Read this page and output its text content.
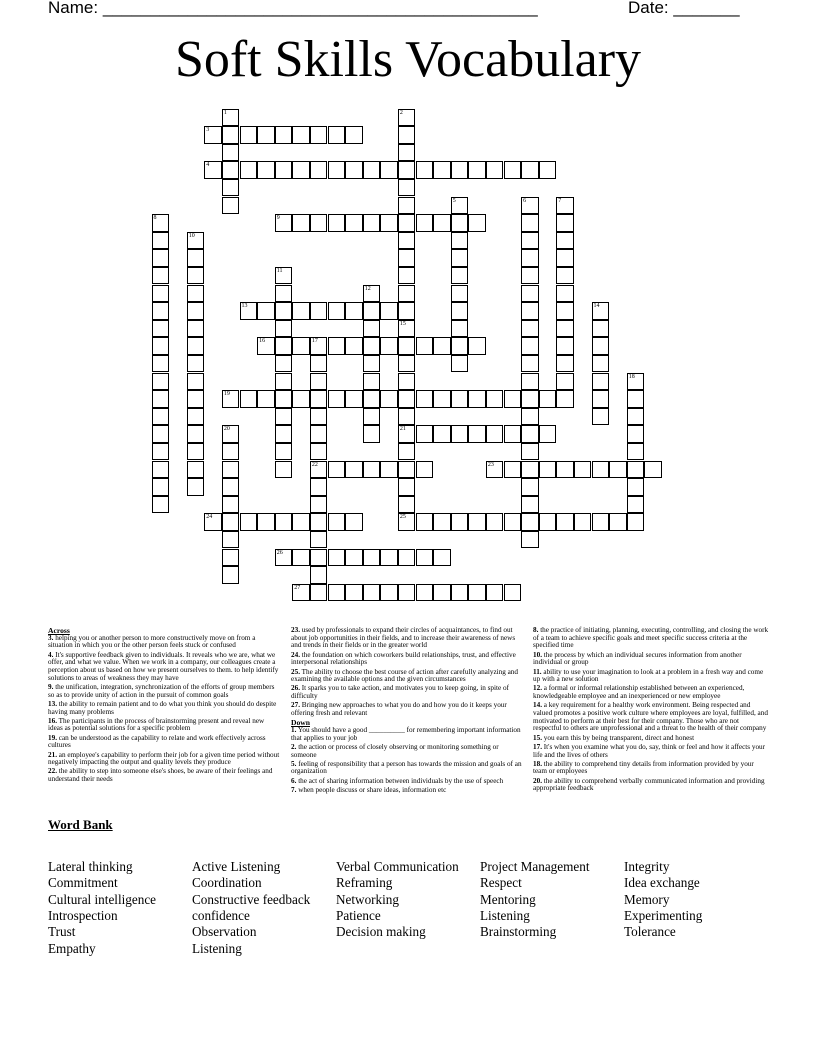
Name: ______________________________________________	Date: _______
Soft Skills Vocabulary
1	2
3
4
5	6	7
8	9
10
11
12
13	14
15
16	17
18
19
20	21
22	23
24	25
26
27
Across
3. helping you or another person to more constructively move on from a situation in which you or the other person feels stuck or confused
4. It's supportive feedback given to individuals. It reveals who we are, what we offer, and what we value. When we work in a company, our colleagues create a perception about us based on how we present ourselves to them. to help identify solutions to areas of weakness they may have
9. the unification, integration, synchronization of the efforts of group members so as to provide unity of action in the pursuit of common goals
13. the ability to remain patient and to do what you think you should do despite having many problems
16. The participants in the process of brainstorming present and reveal new ideas as potential solutions for a specific problem
19. can be understood as the capability to relate and work effectively across cultures
21. an employee's capability to perform their job for a given time period without negatively impacting the output and quality levels they produce
22. the ability to step into someone else's shoes, be aware of their feelings and understand their needs
23. used by professionals to expand their circles of acquaintances, to find out about job opportunities in their fields, and to increase their awareness of news and trends in their fields or in the greater world
24. the foundation on which coworkers build relationships, trust, and effective interpersonal relationships
25. The ability to choose the best course of action after carefully analyzing and examining the available options and the given circumstances
26. It sparks you to take action, and motivates you to keep going, in spite of difficulty
27. Bringing new approaches to what you do and how you do it keeps your offering fresh and relevant
Down
1. You should have a good __________ for remembering important information that applies to your job
2. the action or process of closely observing or monitoring something or someone
5. feeling of responsibility that a person has towards the mission and goals of an organization
6. the act of sharing information between individuals by the use of speech
7. when people discuss or share ideas, information etc
8. the practice of initiating, planning, executing, controlling, and closing the work of a team to achieve specific goals and meet specific success criteria at the specified time
10. the process by which an individual secures information from another individual or group
11. ability to use your imagination to look at a problem in a fresh way and come up with a new solution
12. a formal or informal relationship established between an experienced, knowledgeable employee and an inexperienced or new employee
14. a key requirement for a healthy work environment. Being respected and valued promotes a positive work culture where employees are loyal, fulfilled, and motivated to perform at their best for their company. Those who are not respectful to others are unprofessional and a threat to the health of their company
15. you earn this by being transparent, direct and honest
17. It's when you examine what you do, say, think or feel and how it affects your life and the lives of others
18. the ability to comprehend tiny details from information provided by your team or employees
20. the ability to comprehend verbally communicated information and providing appropriate feedback
Word Bank
Lateral thinking
Commitment
Cultural intelligence
Introspection
Trust
Empathy
Active Listening
Coordination
Constructive feedback
confidence
Observation
Listening
Verbal Communication
Reframing
Networking
Patience
Decision making
Project Management
Respect
Mentoring
Listening
Brainstorming
Integrity
Idea exchange
Memory
Experimenting
Tolerance
